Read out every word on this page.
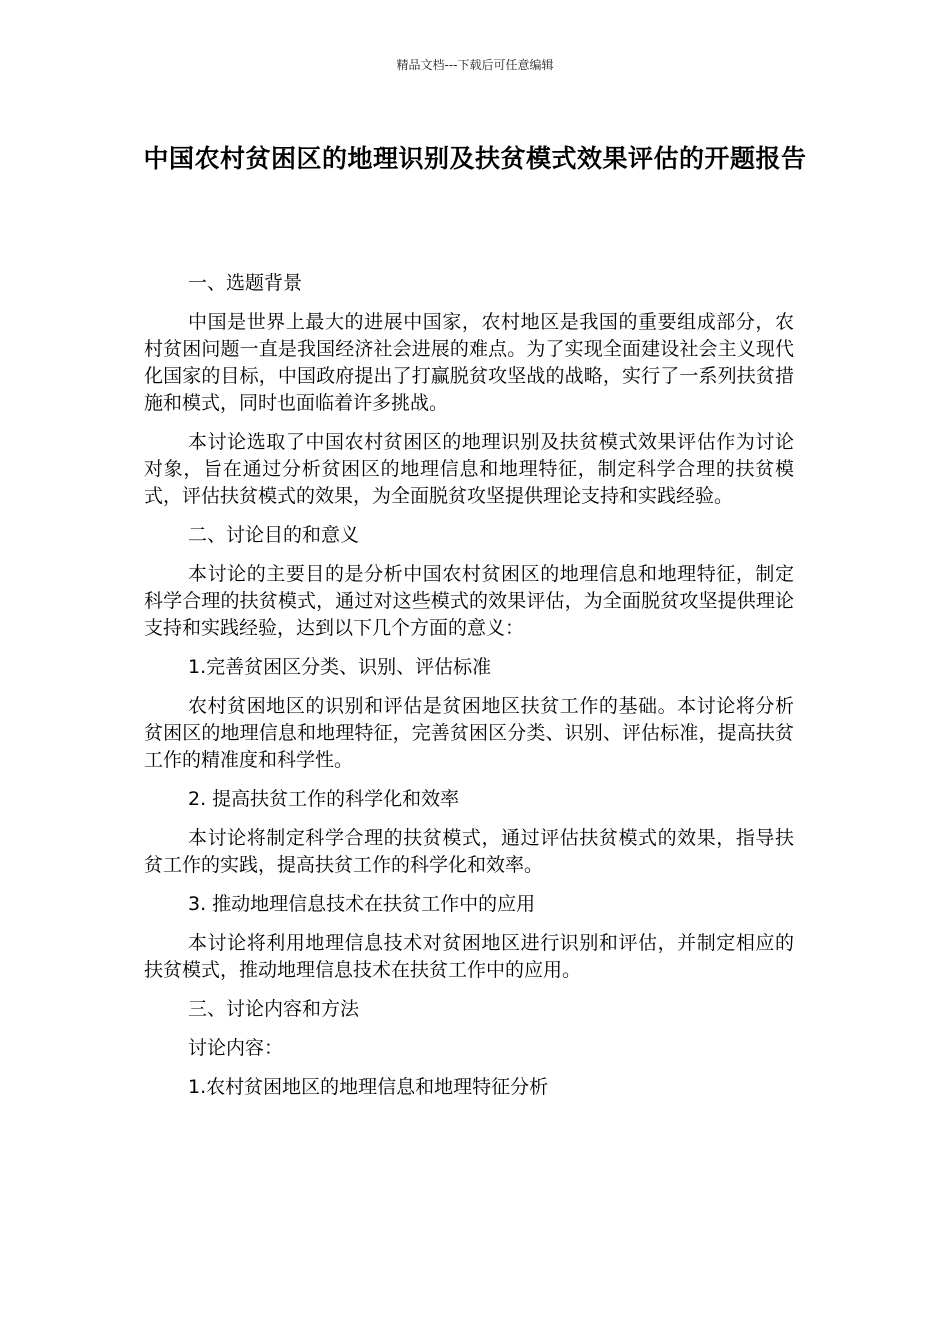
精品文档---下载后可任意编辑
中国农村贫困区的地理识别及扶贫模式效果评估的开题报告

一、选题背景

中国是世界上最大的进展中国家，农村地区是我国的重要组成部分，农村贫困问题一直是我国经济社会进展的难点。为了实现全面建设社会主义现代化国家的目标，中国政府提出了打赢脱贫攻坚战的战略，实行了一系列扶贫措施和模式，同时也面临着许多挑战。

本讨论选取了中国农村贫困区的地理识别及扶贫模式效果评估作为讨论对象，旨在通过分析贫困区的地理信息和地理特征，制定科学合理的扶贫模式，评估扶贫模式的效果，为全面脱贫攻坚提供理论支持和实践经验。

二、讨论目的和意义

本讨论的主要目的是分析中国农村贫困区的地理信息和地理特征，制定科学合理的扶贫模式，通过对这些模式的效果评估，为全面脱贫攻坚提供理论支持和实践经验，达到以下几个方面的意义：

1.完善贫困区分类、识别、评估标准

农村贫困地区的识别和评估是贫困地区扶贫工作的基础。本讨论将分析贫困区的地理信息和地理特征，完善贫困区分类、识别、评估标准，提高扶贫工作的精准度和科学性。

2. 提高扶贫工作的科学化和效率

本讨论将制定科学合理的扶贫模式，通过评估扶贫模式的效果，指导扶贫工作的实践，提高扶贫工作的科学化和效率。

3. 推动地理信息技术在扶贫工作中的应用

本讨论将利用地理信息技术对贫困地区进行识别和评估，并制定相应的扶贫模式，推动地理信息技术在扶贫工作中的应用。

三、讨论内容和方法

讨论内容：

1.农村贫困地区的地理信息和地理特征分析
